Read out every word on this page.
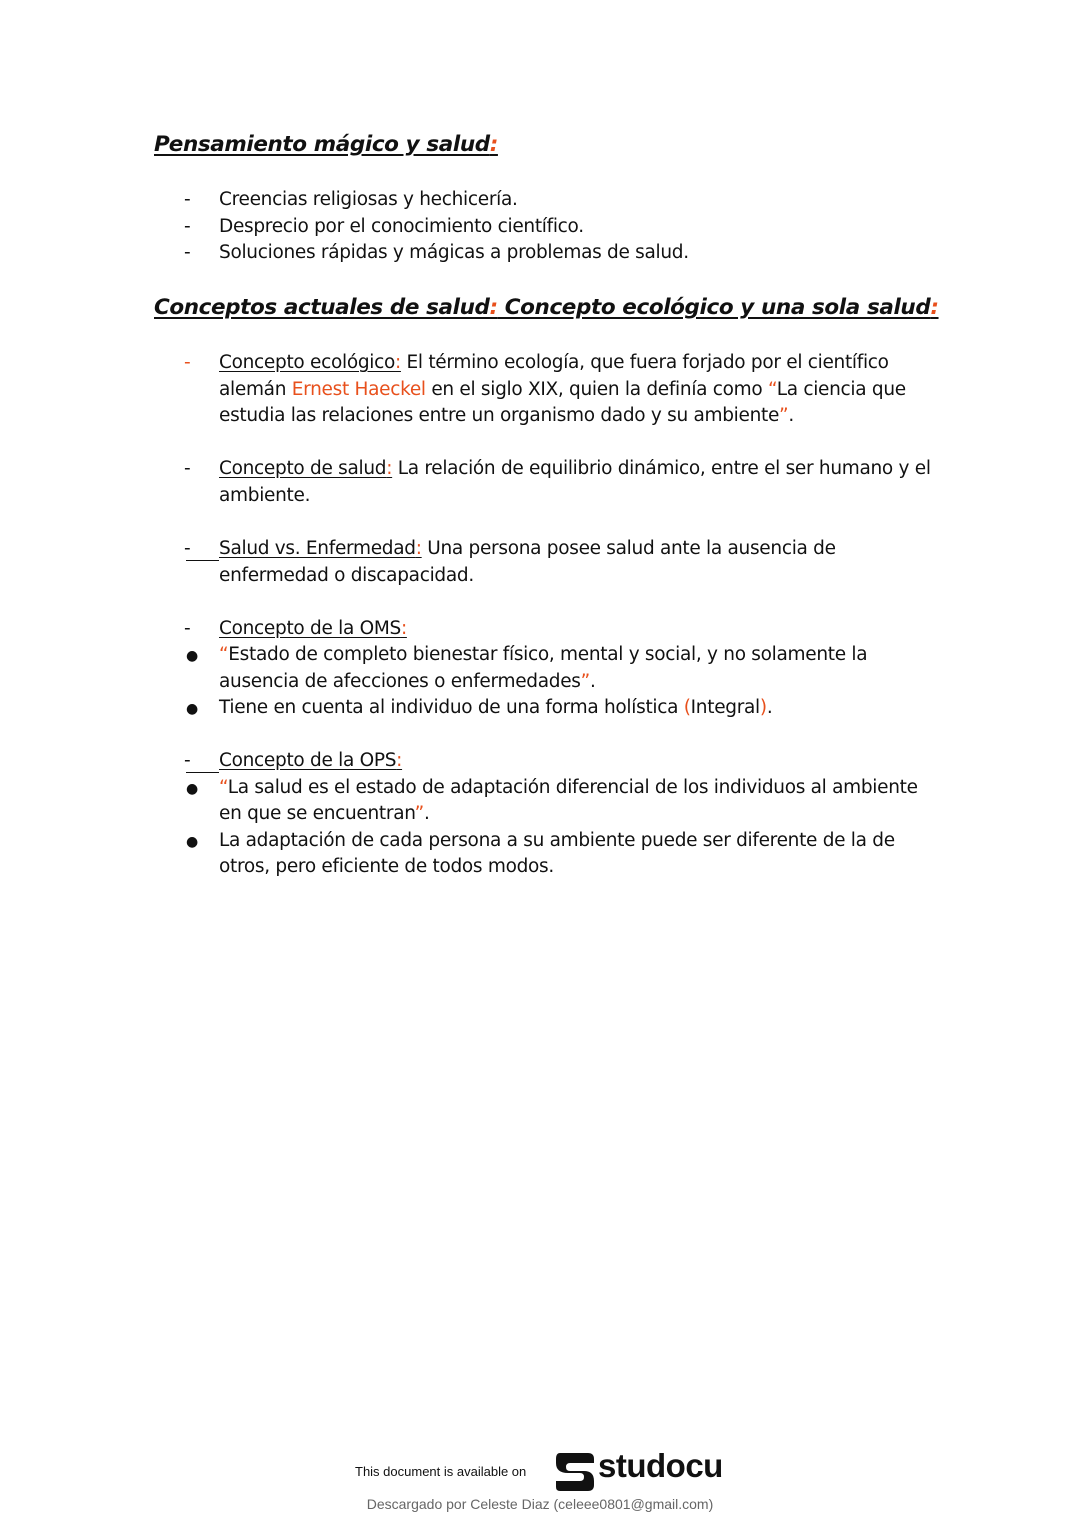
Pensamiento mágico y salud:
- Creencias religiosas y hechicería.
- Desprecio por el conocimiento científico.
- Soluciones rápidas y mágicas a problemas de salud.
Conceptos actuales de salud: Concepto ecológico y una sola salud:
- Concepto ecológico: El término ecología, que fuera forjado por el científico
alemán Ernest Haeckel en el siglo XIX, quien la definía como “La ciencia que
estudia las relaciones entre un organismo dado y su ambiente”.
- Concepto de salud: La relación de equilibrio dinámico, entre el ser humano y el
ambiente.
- Salud vs. Enfermedad: Una persona posee salud ante la ausencia de
enfermedad o discapacidad.
- Concepto de la OMS:
● “Estado de completo bienestar físico, mental y social, y no solamente la
ausencia de afecciones o enfermedades”.
● Tiene en cuenta al individuo de una forma holística (Integral).
- Concepto de la OPS:
● “La salud es el estado de adaptación diferencial de los individuos al ambiente
en que se encuentran”.
● La adaptación de cada persona a su ambiente puede ser diferente de la de
otros, pero eficiente de todos modos.
This document is available on studocu
Descargado por Celeste Diaz (celeee0801@gmail.com)
